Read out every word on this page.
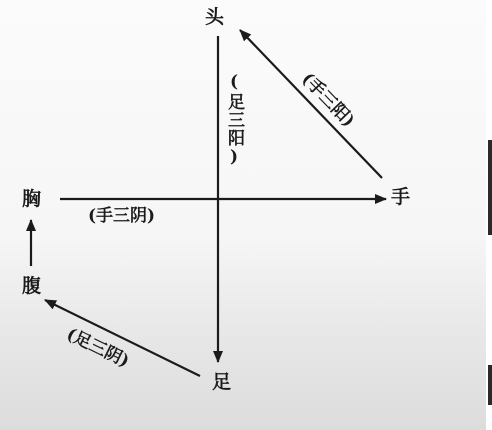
头
手
胸
腹
足
(足三阳)
(手三阴)
(手三阳)
(足三阴)
